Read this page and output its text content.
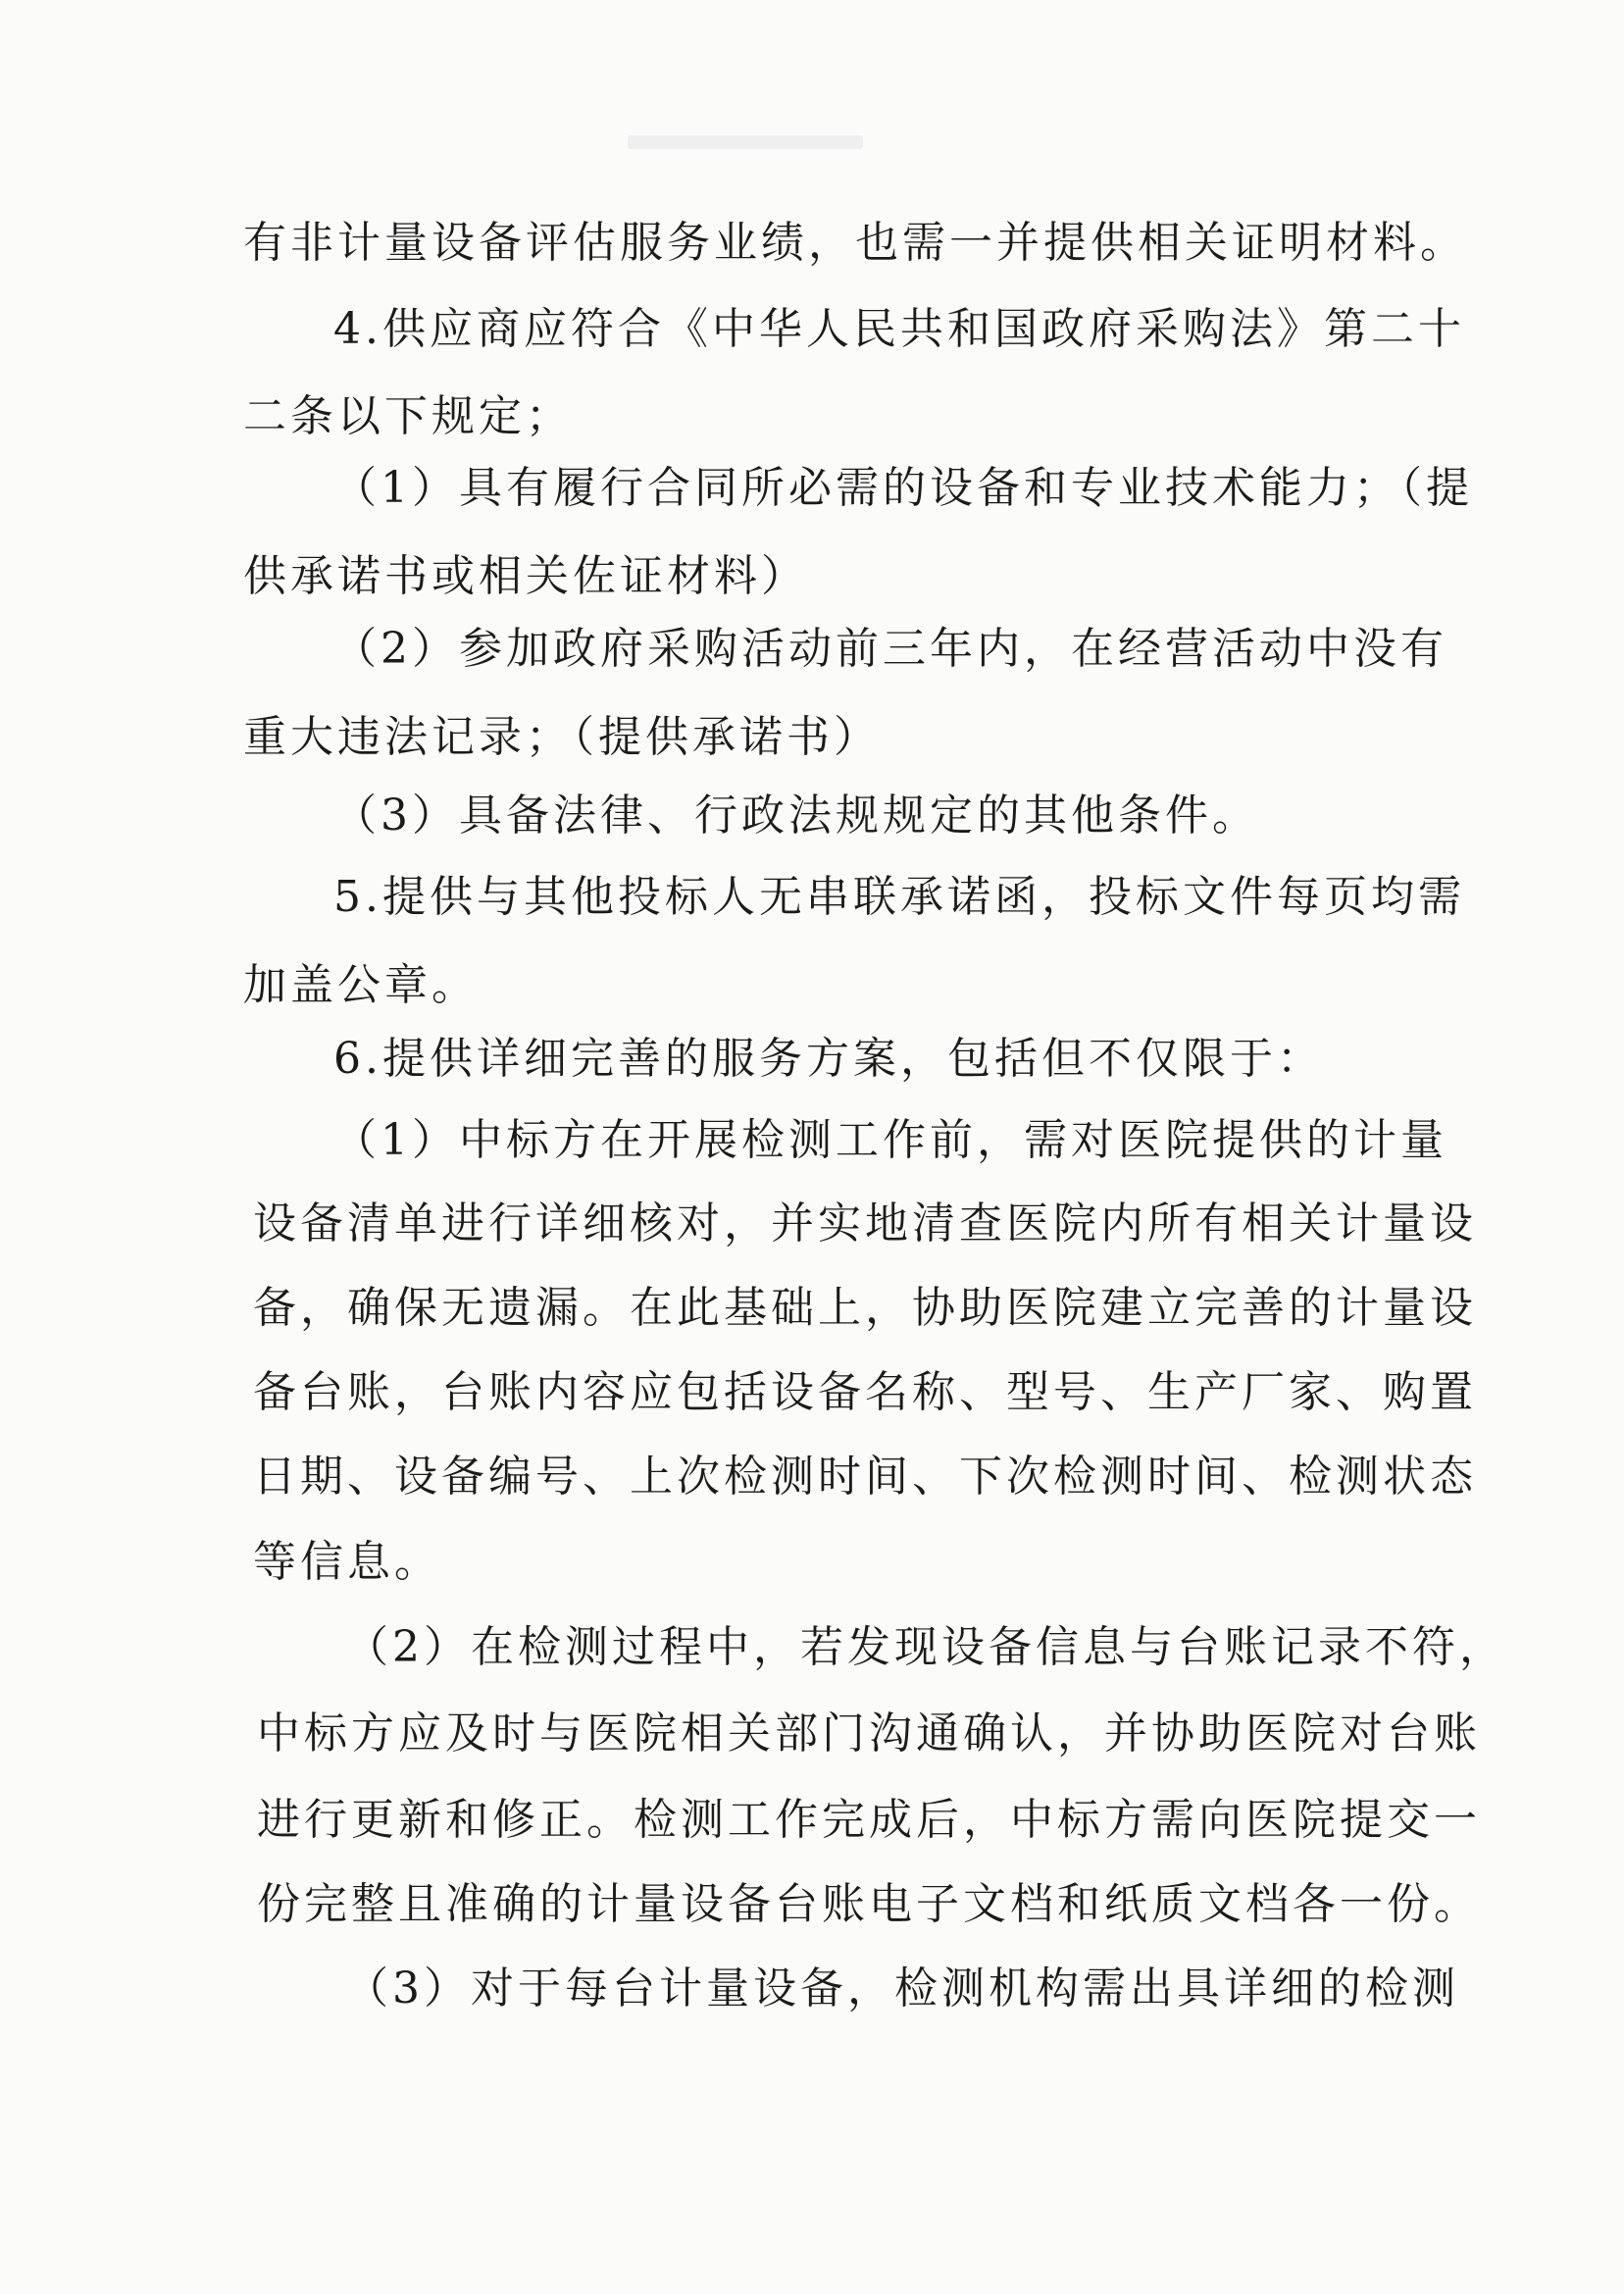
有非计量设备评估服务业绩，也需一并提供相关证明材料。
4.供应商应符合《中华人民共和国政府采购法》第二十
二条以下规定；
（1）具有履行合同所必需的设备和专业技术能力；（提
供承诺书或相关佐证材料）
（2）参加政府采购活动前三年内，在经营活动中没有
重大违法记录；（提供承诺书）
（3）具备法律、行政法规规定的其他条件。
5.提供与其他投标人无串联承诺函，投标文件每页均需
加盖公章。
6.提供详细完善的服务方案，包括但不仅限于：
（1）中标方在开展检测工作前，需对医院提供的计量
设备清单进行详细核对，并实地清查医院内所有相关计量设
备，确保无遗漏。在此基础上，协助医院建立完善的计量设
备台账，台账内容应包括设备名称、型号、生产厂家、购置
日期、设备编号、上次检测时间、下次检测时间、检测状态
等信息。
（2）在检测过程中，若发现设备信息与台账记录不符，
中标方应及时与医院相关部门沟通确认，并协助医院对台账
进行更新和修正。检测工作完成后，中标方需向医院提交一
份完整且准确的计量设备台账电子文档和纸质文档各一份。
（3）对于每台计量设备，检测机构需出具详细的检测
